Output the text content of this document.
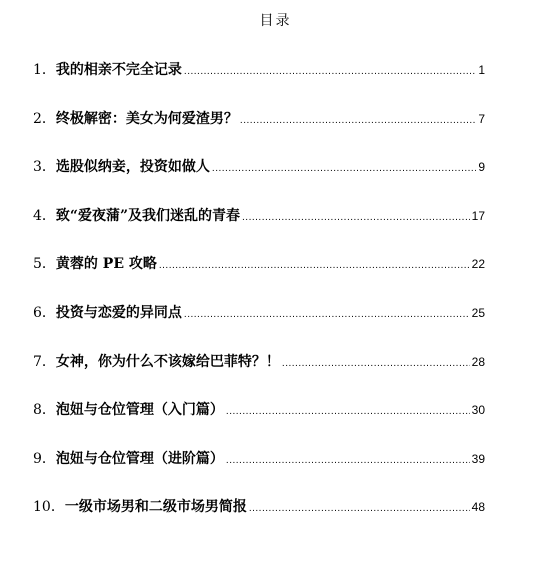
目录
1． 我的相亲不完全记录 .....	1
2． 终极解密：美女为何爱渣男？ .....	7
3． 选股似纳妾，投资如做人 .....	9
4． 致“爱夜蒲”及我们迷乱的青春 .....	17
5． 黄蓉的 PE 攻略 .....	22
6． 投资与恋爱的异同点 .....	25
7． 女神，你为什么不该嫁给巴菲特？！ .....	28
8． 泡妞与仓位管理（入门篇） .....	30
9． 泡妞与仓位管理（进阶篇） .....	39
10． 一级市场男和二级市场男简报 .....	48
